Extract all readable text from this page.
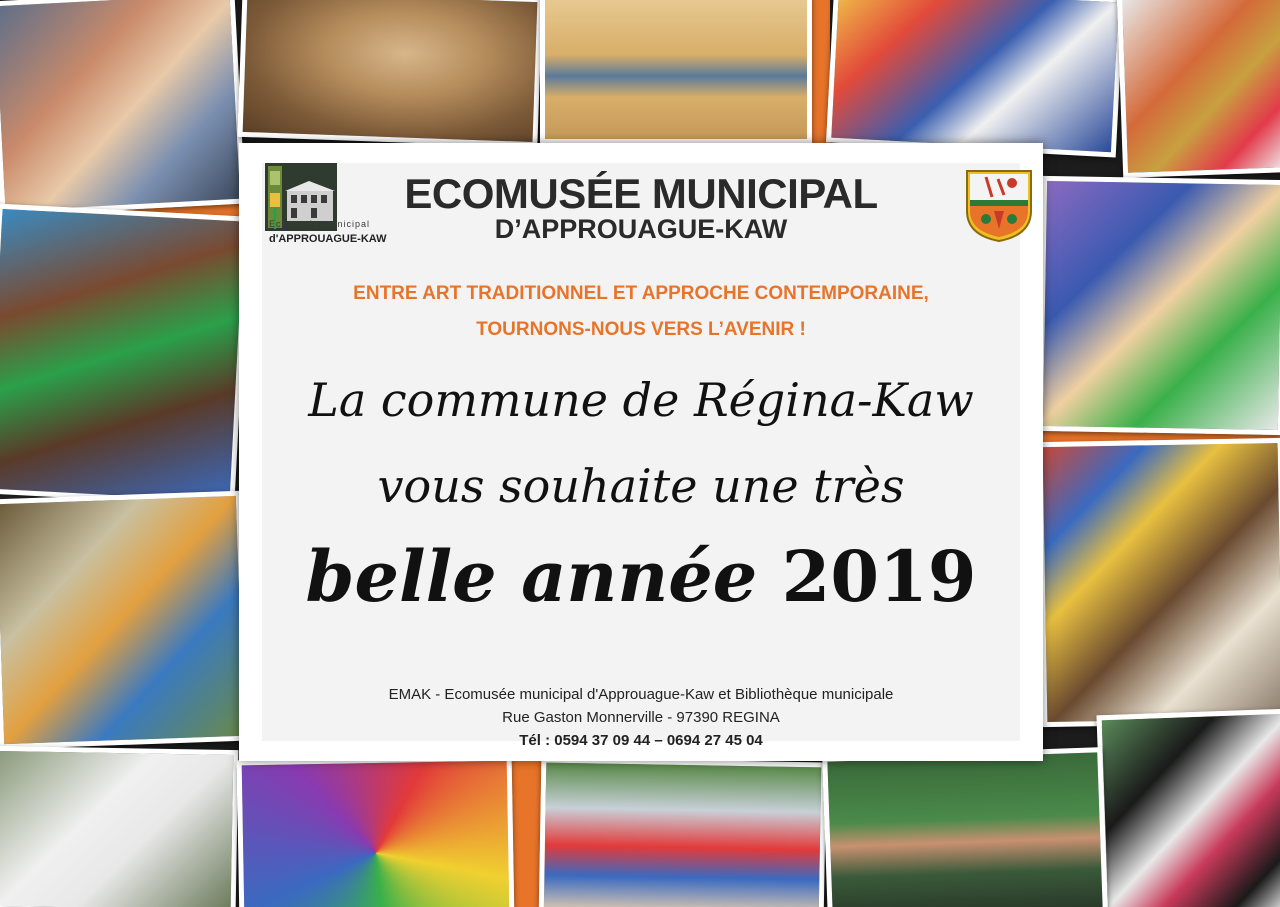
Ecomusée municipal
d'APPROUAGUE-KAW
ECOMUSÉE MUNICIPAL
D’APPROUAGUE-KAW
ENTRE ART TRADITIONNEL ET APPROCHE CONTEMPORAINE,
TOURNONS-NOUS VERS L’AVENIR !
La commune de Régina-Kaw
vous souhaite une très
belle année 2019
EMAK - Ecomusée municipal d'Approuague-Kaw et Bibliothèque municipale
Rue Gaston Monnerville - 97390 REGINA
Tél : 0594 37 09 44 – 0694 27 45 04
